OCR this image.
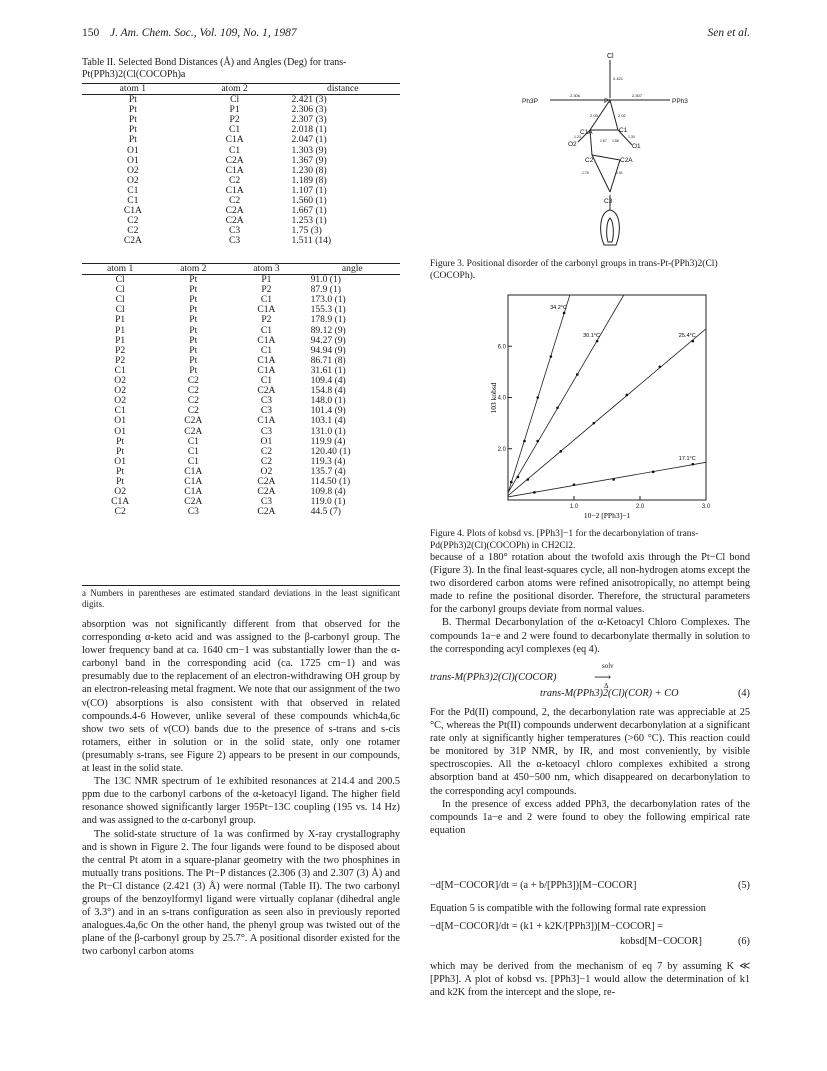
150 J. Am. Chem. Soc., Vol. 109, No. 1, 1987	Sen et al.
Table II. Selected Bond Distances (Å) and Angles (Deg) for trans-Pt(PPh3)2(Cl(COCOPh)a
atom 1	atom 2	distance
Pt	Cl	2.421 (3)
Pt	P1	2.306 (3)
Pt	P2	2.307 (3)
Pt	C1	2.018 (1)
Pt	C1A	2.047 (1)
O1	C1	1.303 (9)
O1	C2A	1.367 (9)
O2	C1A	1.230 (8)
O2	C2	1.189 (8)
C1	C1A	1.107 (1)
C1	C2	1.560 (1)
C1A	C2A	1.667 (1)
C2	C2A	1.253 (1)
C2	C3	1.75 (3)
C2A	C3	1.511 (14)
atom 1	atom 2	atom 3	angle
Cl	Pt	P1	91.0 (1)
Cl	Pt	P2	87.9 (1)
Cl	Pt	C1	173.0 (1)
Cl	Pt	C1A	155.3 (1)
P1	Pt	P2	178.9 (1)
P1	Pt	C1	89.12 (9)
P1	Pt	C1A	94.27 (9)
P2	Pt	C1	94.94 (9)
P2	Pt	C1A	86.71 (8)
C1	Pt	C1A	31.61 (1)
O2	C2	C1	109.4 (4)
O2	C2	C2A	154.8 (4)
O2	C2	C3	148.0 (1)
C1	C2	C3	101.4 (9)
O1	C2A	C1A	103.1 (4)
O1	C2A	C3	131.0 (1)
Pt	C1	O1	119.9 (4)
Pt	C1	C2	120.40 (1)
O1	C1	C2	119.3 (4)
Pt	C1A	O2	135.7 (4)
Pt	C1A	C2A	114.50 (1)
O2	C1A	C2A	109.8 (4)
C1A	C2A	C3	119.0 (1)
C2	C3	C2A	44.5 (7)
a Numbers in parentheses are estimated standard deviations in the least significant digits.

absorption was not significantly different from that observed for the corresponding α-keto acid and was assigned to the β-carbonyl group. The lower frequency band at ca. 1640 cm−1 was substantially lower than the α-carbonyl band in the corresponding acid (ca. 1725 cm−1) and was presumably due to the replacement of an electron-withdrawing OH group by an electron-releasing metal fragment. We note that our assignment of the two ν(CO) absorptions is also consistent with that observed in related compounds.4-6 However, unlike several of these compounds which4a,6c show two sets of ν(CO) bands due to the presence of s-trans and s-cis rotamers, either in solution or in the solid state, only one rotamer (presumably s-trans, see Figure 2) appears to be present in our compounds, at least in the solid state.

The 13C NMR spectrum of 1e exhibited resonances at 214.4 and 200.5 ppm due to the carbonyl carbons of the α-ketoacyl ligand. The higher field resonance showed significantly larger 195Pt−13C coupling (195 vs. 14 Hz) and was assigned to the α-carbonyl group.

The solid-state structure of 1a was confirmed by X-ray crystallography and is shown in Figure 2. The four ligands were found to be disposed about the central Pt atom in a square-planar geometry with the two phosphines in mutually trans positions. The Pt−P distances (2.306 (3) and 2.307 (3) Å) and the Pt−Cl distance (2.421 (3) Å) were normal (Table II). The two carbonyl groups of the benzoylformyl ligand were virtually coplanar (dihedral angle of 3.3°) and in an s-trans configuration as seen also in previously reported analogues.4a,6c On the other hand, the phenyl group was twisted out of the plane of the β-carbonyl group by 25.7°. A positional disorder existed for the two carbonyl carbon atoms

Cl
2.421
Ph3P	Pt	PPh3
2.306	2.307
2.05	2.02
C1A	C1
O2	O1
C2	C2A
C3
1.23
1.67 1.56
1.30
1.75	1.51
Figure 3. Positional disorder of the carbonyl groups in trans-Pt-(PPh3)2(Cl)(COCOPh).
1.0	2.0	3.0
2.0
4.0
6.0
34.2°C
30.1°C	25.4°C
17.1°C
10−2 [PPh3]−1
103 kobsd
Figure 4. Plots of kobsd vs. [PPh3]−1 for the decarbonylation of trans-Pd(PPh3)2(Cl)(COCOPh) in CH2Cl2.

because of a 180° rotation about the twofold axis through the Pt−Cl bond (Figure 3). In the final least-squares cycle, all non-hydrogen atoms except the two disordered carbon atoms were refined anisotropically, no attempt being made to refine the positional disorder. Therefore, the structural parameters for the carbonyl groups deviate from normal values.

B. Thermal Decarbonylation of the α-Ketoacyl Chloro Complexes. The compounds 1a−e and 2 were found to decarbonylate thermally in solution to the corresponding acyl complexes (eq 4).

trans-M(PPh3)2(Cl)(COCOR)
solv
⟶
Δ
trans-M(PPh3)2(Cl)(COR) + CO	(4)

For the Pd(II) compound, 2, the decarbonylation rate was appreciable at 25 °C, whereas the Pt(II) compounds underwent decarbonylation at a significant rate only at significantly higher temperatures (>60 °C). This reaction could be monitored by 31P NMR, by IR, and most conveniently, by visible spectroscopies. All the α-ketoacyl chloro complexes exhibited a strong absorption band at 450−500 nm, which disappeared on decarbonylation to the corresponding acyl compounds.

In the presence of excess added PPh3, the decarbonylation rates of the compounds 1a−e and 2 were found to obey the following empirical rate equation

−d[M−COCOR]/dt = (a + b/[PPh3])[M−COCOR]	(5)
Equation 5 is compatible with the following formal rate expression
−d[M−COCOR]/dt = (k1 + k2K/[PPh3])[M−COCOR] =
kobsd[M−COCOR]	(6)
which may be derived from the mechanism of eq 7 by assuming K ≪ [PPh3]. A plot of kobsd vs. [PPh3]−1 would allow the determination of k1 and k2K from the intercept and the slope, re-
